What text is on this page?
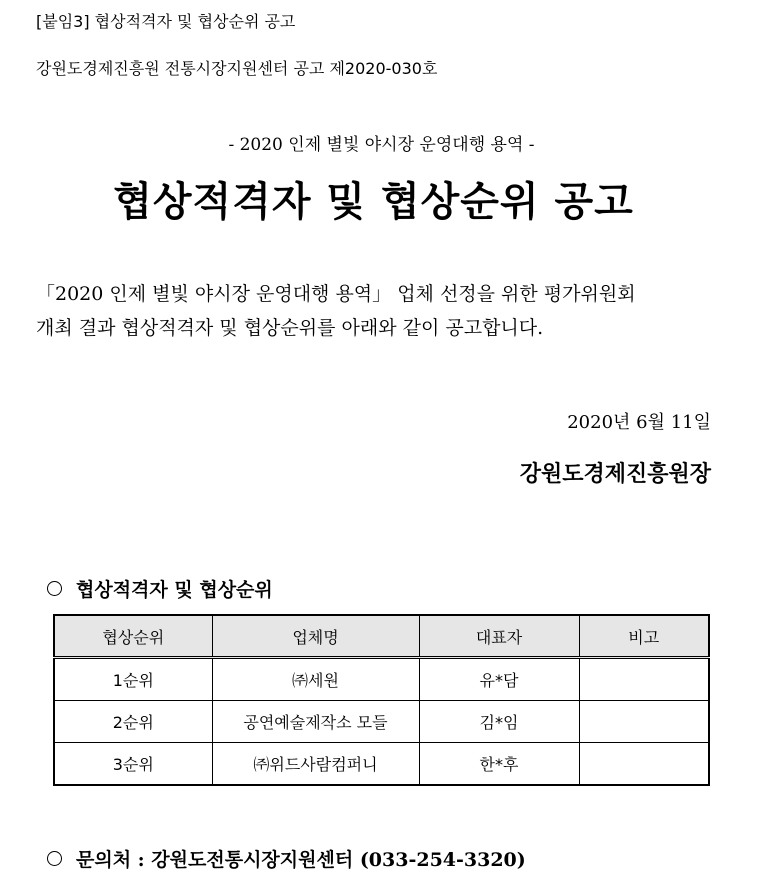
[붙임3] 협상적격자 및 협상순위 공고
강원도경제진흥원 전통시장지원센터 공고 제2020-030호
- 2020 인제 별빛 야시장 운영대행 용역 -
협상적격자 및 협상순위 공고
「2020 인제 별빛 야시장 운영대행 용역」 업체 선정을 위한 평가위원회
개최 결과 협상적격자 및 협상순위를 아래와 같이 공고합니다.
2020년 6월 11일
강원도경제진흥원장
협상적격자 및 협상순위
협상순위	업체명	대표자	비고
1순위	㈜세원	유*담	
2순위	공연예술제작소 모들	김*임	
3순위	㈜위드사람컴퍼니	한*후	
문의처 : 강원도전통시장지원센터 (033-254-3320)
